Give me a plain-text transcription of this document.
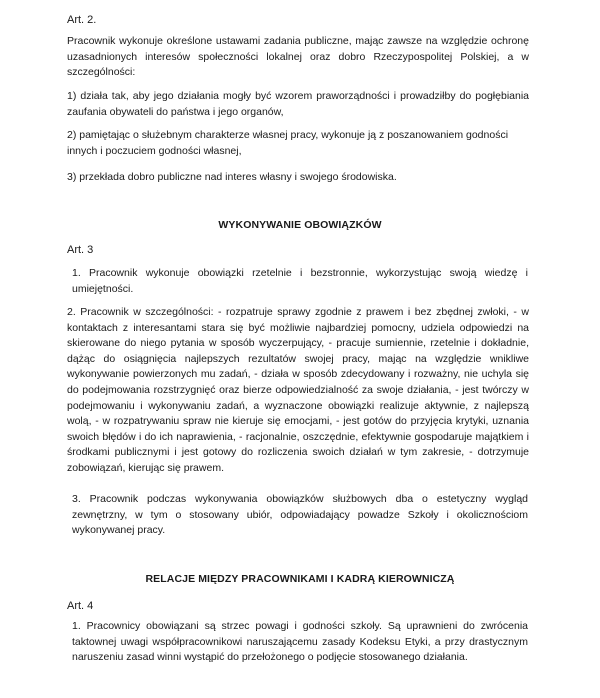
Art. 2.

Pracownik wykonuje określone ustawami zadania publiczne, mając zawsze na względzie ochronę uzasadnionych interesów społeczności lokalnej oraz dobro Rzeczypospolitej Polskiej, a w szczególności:

1) działa tak, aby jego działania mogły być wzorem praworządności i prowadziłby do pogłębiania zaufania obywateli do państwa i jego organów,

2) pamiętając o służebnym charakterze własnej pracy, wykonuje ją z poszanowaniem godności innych i poczuciem godności własnej,

3) przekłada dobro publiczne nad interes własny i swojego środowiska.

WYKONYWANIE OBOWIĄZKÓW

Art. 3

1. Pracownik wykonuje obowiązki rzetelnie i bezstronnie, wykorzystując swoją wiedzę i umiejętności.

2. Pracownik w szczególności: - rozpatruje sprawy zgodnie z prawem i bez zbędnej zwłoki, - w kontaktach z interesantami stara się być możliwie najbardziej pomocny, udziela odpowiedzi na skierowane do niego pytania w sposób wyczerpujący, - pracuje sumiennie, rzetelnie i dokładnie, dążąc do osiągnięcia najlepszych rezultatów swojej pracy, mając na względzie wnikliwe wykonywanie powierzonych mu zadań, - działa w sposób zdecydowany i rozważny, nie uchyla się do podejmowania rozstrzygnięć oraz bierze odpowiedzialność za swoje działania, - jest twórczy w podejmowaniu i wykonywaniu zadań, a wyznaczone obowiązki realizuje aktywnie, z najlepszą wolą, - w rozpatrywaniu spraw nie kieruje się emocjami, - jest gotów do przyjęcia krytyki, uznania swoich błędów i do ich naprawienia, - racjonalnie, oszczędnie, efektywnie gospodaruje majątkiem i środkami publicznymi i jest gotowy do rozliczenia swoich działań w tym zakresie, - dotrzymuje zobowiązań, kierując się prawem.

3. Pracownik podczas wykonywania obowiązków służbowych dba o estetyczny wygląd zewnętrzny, w tym o stosowany ubiór, odpowiadający powadze Szkoły i okolicznościom wykonywanej pracy.

RELACJE MIĘDZY PRACOWNIKAMI I KADRĄ KIEROWNICZĄ

Art. 4

1. Pracownicy obowiązani są strzec powagi i godności szkoły. Są uprawnieni do zwrócenia taktownej uwagi współpracownikowi naruszającemu zasady Kodeksu Etyki, a przy drastycznym naruszeniu zasad winni wystąpić do przełożonego o podjęcie stosowanego działania.
